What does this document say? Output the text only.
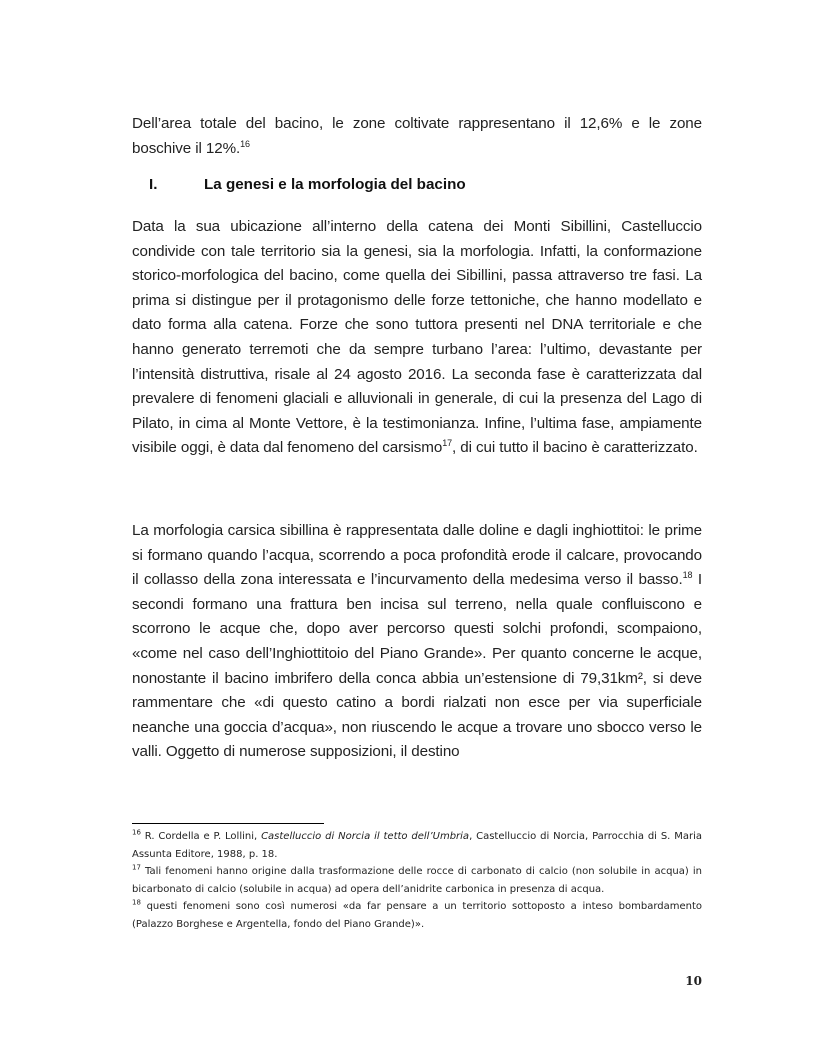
Dell’area totale del bacino, le zone coltivate rappresentano il 12,6% e le zone boschive il 12%.$^{16}$

I.	La genesi e la morfologia del bacino

Data la sua ubicazione all’interno della catena dei Monti Sibillini, Castelluccio condivide con tale territorio sia la genesi, sia la morfologia. Infatti, la conformazione storico-morfologica del bacino, come quella dei Sibillini, passa attraverso tre fasi. La prima si distingue per il protagonismo delle forze tettoniche, che hanno modellato e dato forma alla catena. Forze che sono tuttora presenti nel DNA territoriale e che hanno generato terremoti che da sempre turbano l’area: l’ultimo, devastante per l’intensità distruttiva, risale al 24 agosto 2016. La seconda fase è caratterizzata dal prevalere di fenomeni glaciali e alluvionali in generale, di cui la presenza del Lago di Pilato, in cima al Monte Vettore, è la testimonianza. Infine, l’ultima fase, ampiamente visibile oggi, è data dal fenomeno del carsismo$^{17}$, di cui tutto il bacino è caratterizzato.

La morfologia carsica sibillina è rappresentata dalle doline e dagli inghiottitoi: le prime si formano quando l’acqua, scorrendo a poca profondità erode il calcare, provocando il collasso della zona interessata e l’incurvamento della medesima verso il basso.$^{18}$ I secondi formano una frattura ben incisa sul terreno, nella quale confluiscono e scorrono le acque che, dopo aver percorso questi solchi profondi, scompaiono, «come nel caso dell’Inghiottitoio del Piano Grande». Per quanto concerne le acque, nonostante il bacino imbrifero della conca abbia un’estensione di 79,31km², si deve rammentare che «di questo catino a bordi rialzati non esce per via superficiale neanche una goccia d’acqua», non riuscendo le acque a trovare uno sbocco verso le valli. Oggetto di numerose supposizioni, il destino

$^{16}$ R. Cordella e P. Lollini, Castelluccio di Norcia il tetto dell’Umbria, Castelluccio di Norcia, Parrocchia di S. Maria Assunta Editore, 1988, p. 18.

$^{17}$ Tali fenomeni hanno origine dalla trasformazione delle rocce di carbonato di calcio (non solubile in acqua) in bicarbonato di calcio (solubile in acqua) ad opera dell’anidrite carbonica in presenza di acqua.

$^{18}$ questi fenomeni sono così numerosi «da far pensare a un territorio sottoposto a inteso bombardamento (Palazzo Borghese e Argentella, fondo del Piano Grande)».

10
